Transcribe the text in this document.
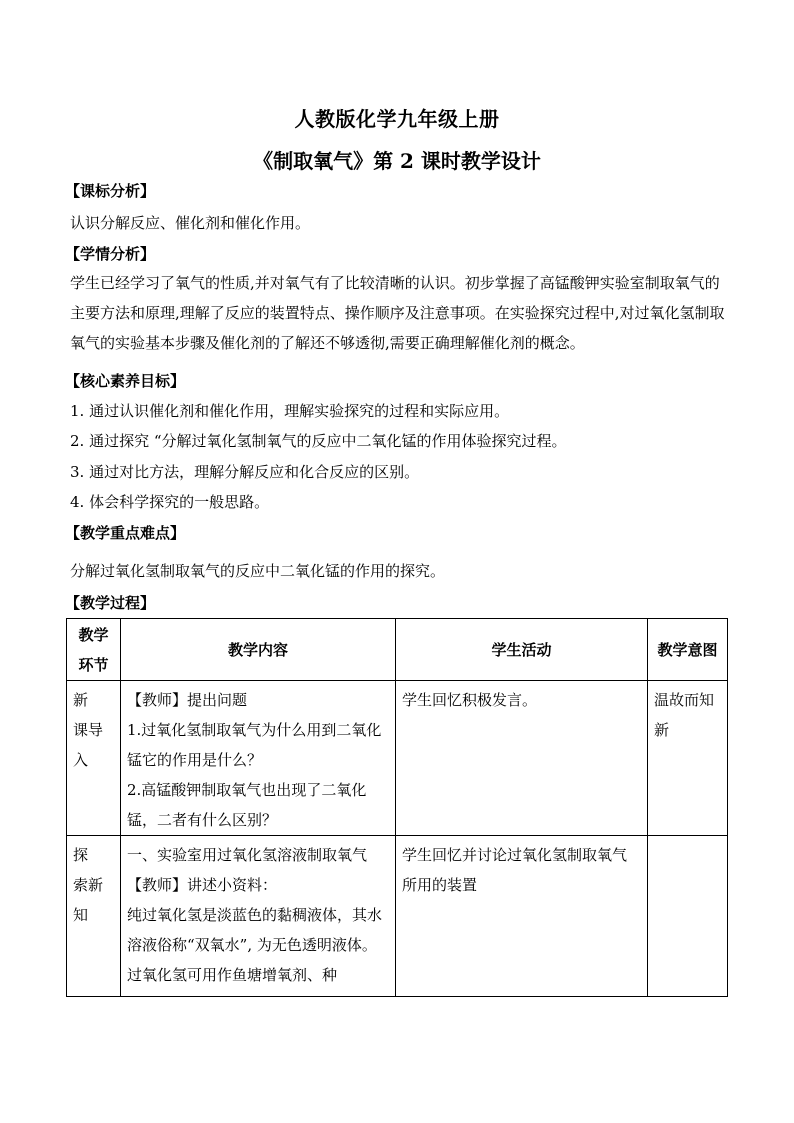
人教版化学九年级上册
《制取氧气》第 2 课时教学设计
【课标分析】
认识分解反应、催化剂和催化作用。
【学情分析】
学生已经学习了氧气的性质,并对氧气有了比较清晰的认识。初步掌握了高锰酸钾实验室制取氧气的主要方法和原理,理解了反应的装置特点、操作顺序及注意事项。在实验探究过程中,对过氧化氢制取氧气的实验基本步骤及催化剂的了解还不够透彻,需要正确理解催化剂的概念。
【核心素养目标】
1. 通过认识催化剂和催化作用，理解实验探究的过程和实际应用。
2. 通过探究 “分解过氧化氢制氧气的反应中二氧化锰的作用体验探究过程。
3. 通过对比方法，理解分解反应和化合反应的区别。
4. 体会科学探究的一般思路。
【教学重点难点】
分解过氧化氢制取氧气的反应中二氧化锰的作用的探究。
【教学过程】
教学
环节	教学内容	学生活动	教学意图

新　课导入	【教师】提出问题

1.过氧化氢制取氧气为什么用到二氧化锰它的作用是什么？

2.高锰酸钾制取氧气也出现了二氧化锰，二者有什么区别？	学生回忆积极发言。	温故而知新

探　索新知	一、实验室用过氧化氢溶液制取氧气

【教师】讲述小资料：

纯过氧化氢是淡蓝色的黏稠液体，其水溶液俗称“双氧水”, 为无色透明液体。过氧化氢可用作鱼塘增氧剂、种	学生回忆并讨论过氧化氢制取氧气所用的装置	
